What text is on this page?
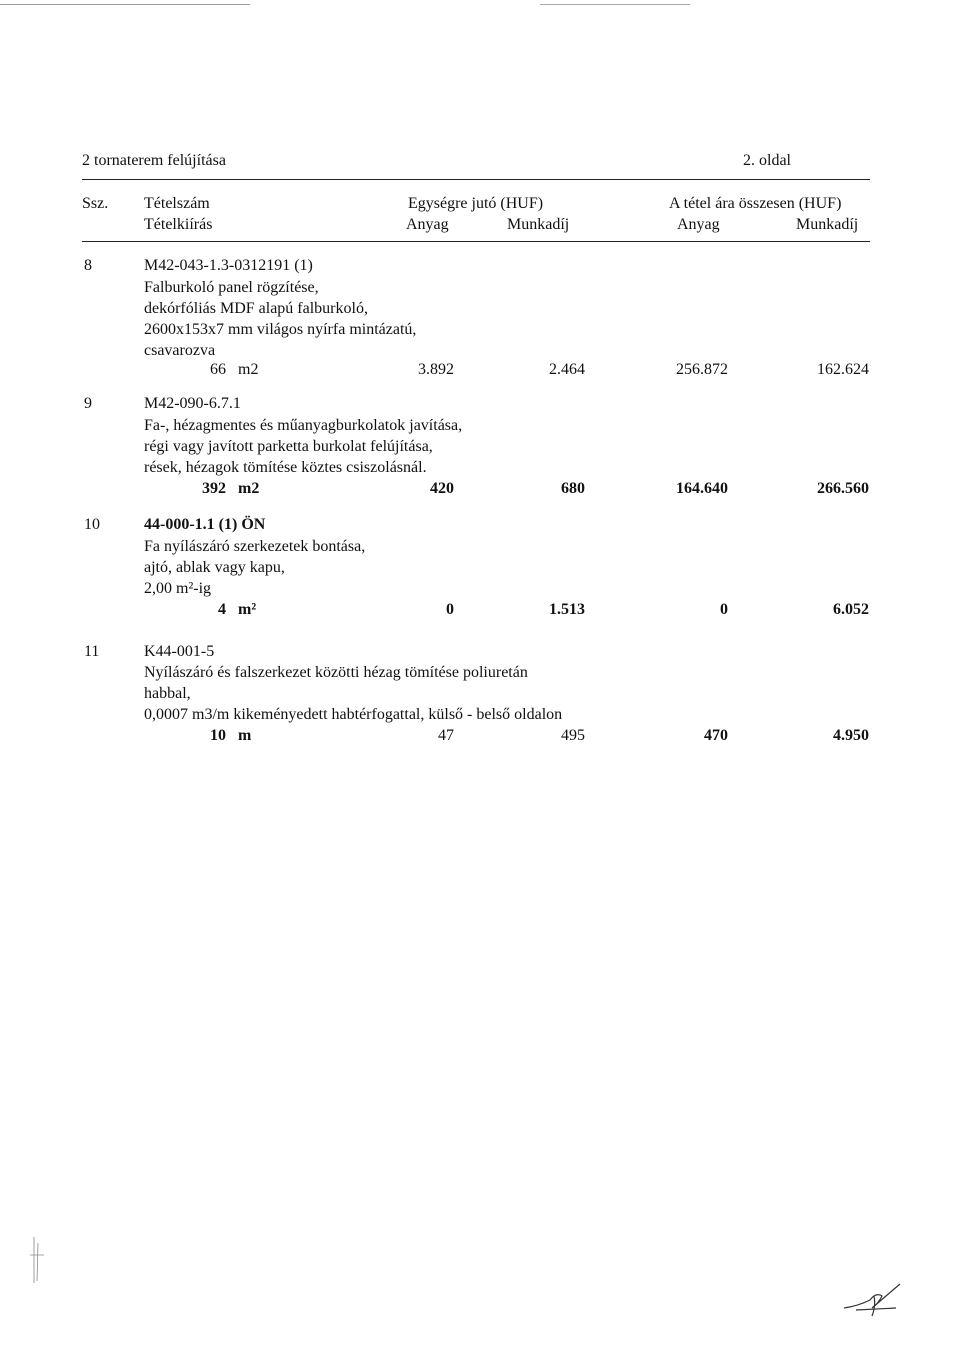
2 tornaterem felújítása	2. oldal
Ssz. Tételszám
Tételkiírás
Egységre jutó (HUF)	A tétel ára összesen (HUF)
Anyag	Munkadíj	Anyag	Munkadíj
8	M42-043-1.3-0312191 (1)
Falburkoló panel rögzítése,
dekórfóliás MDF alapú falburkoló,
2600x153x7 mm világos nyírfa mintázatú,
csavarozva
66 m2	3.892	2.464	256.872	162.624
9	M42-090-6.7.1
Fa-, hézagmentes és műanyagburkolatok javítása,
régi vagy javított parketta burkolat felújítása,
rések, hézagok tömítése köztes csiszolásnál.
392 m2	420	680	164.640	266.560
10	44-000-1.1 (1) ÖN
Fa nyílászáró szerkezetek bontása,
ajtó, ablak vagy kapu,
2,00 m²-ig
4 m²	0	1.513	0	6.052
11	K44-001-5
Nyílászáró és falszerkezet közötti hézag tömítése poliuretán
habbal,
0,0007 m3/m kikeményedett habtérfogattal, külső - belső oldalon
10 m	47	495	470	4.950
